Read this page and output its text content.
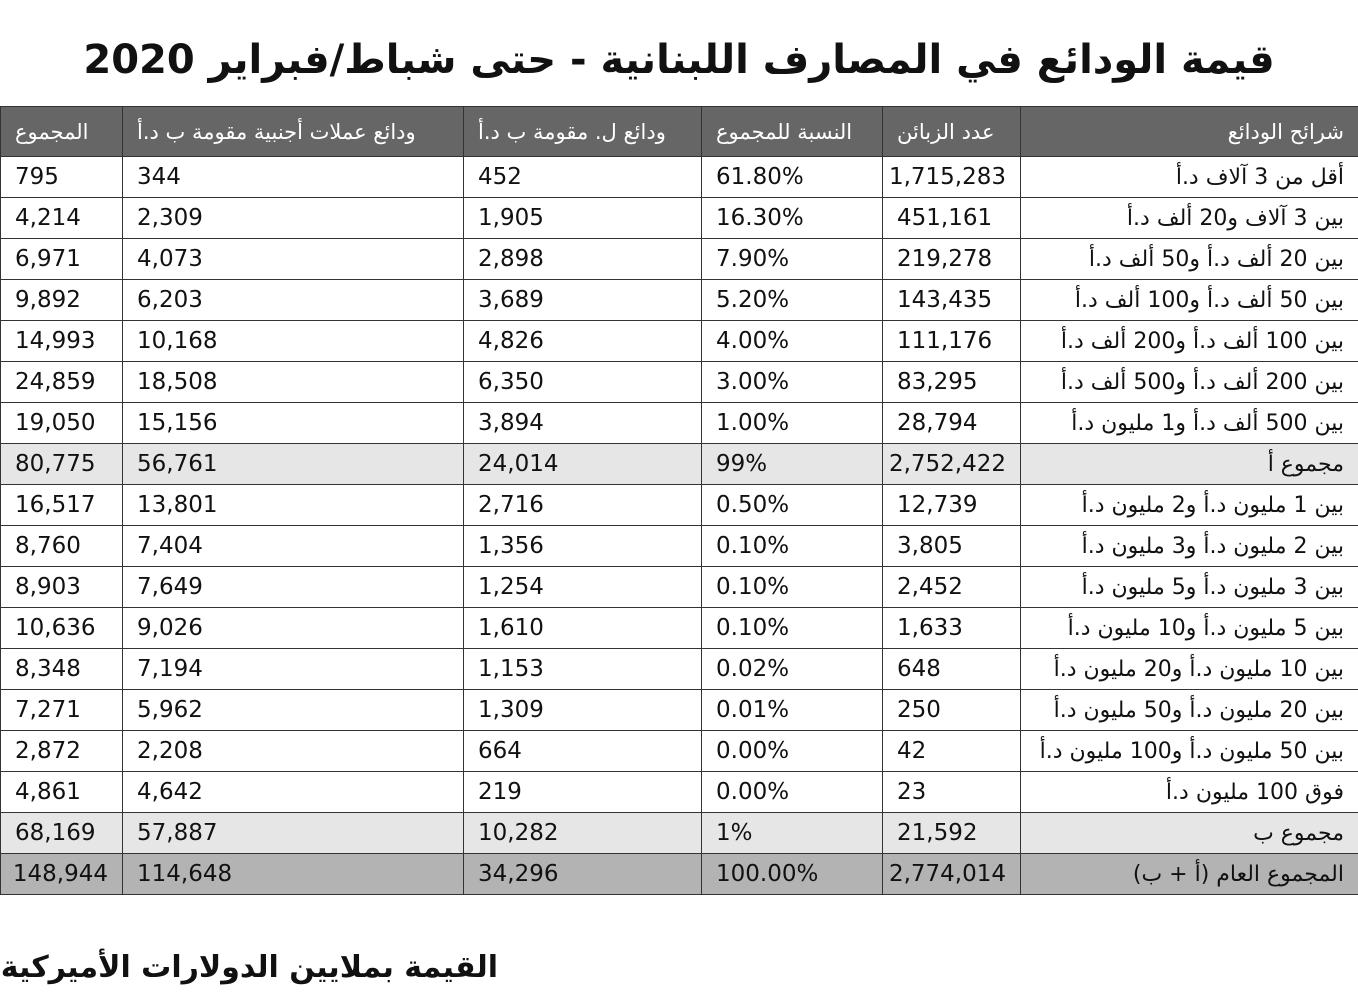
قيمة الودائع في المصارف اللبنانية - حتى شباط/فبراير 2020
شرائح الودائع	عدد الزبائن	النسبة للمجموع	ودائع ل. مقومة ب د.أ	ودائع عملات أجنبية مقومة ب د.أ	المجموع
أقل من 3 آلاف د.أ	1,715,283	61.80%	452	344	795
بين 3 آلاف و20 ألف د.أ	451,161	16.30%	1,905	2,309	4,214
بين 20 ألف د.أ و50 ألف د.أ	219,278	7.90%	2,898	4,073	6,971
بين 50 ألف د.أ و100 ألف د.أ	143,435	5.20%	3,689	6,203	9,892
بين 100 ألف د.أ و200 ألف د.أ	111,176	4.00%	4,826	10,168	14,993
بين 200 ألف د.أ و500 ألف د.أ	83,295	3.00%	6,350	18,508	24,859
بين 500 ألف د.أ و1 مليون د.أ	28,794	1.00%	3,894	15,156	19,050
مجموع أ	2,752,422	99%	24,014	56,761	80,775
بين 1 مليون د.أ و2 مليون د.أ	12,739	0.50%	2,716	13,801	16,517
بين 2 مليون د.أ و3 مليون د.أ	3,805	0.10%	1,356	7,404	8,760
بين 3 مليون د.أ و5 مليون د.أ	2,452	0.10%	1,254	7,649	8,903
بين 5 مليون د.أ و10 مليون د.أ	1,633	0.10%	1,610	9,026	10,636
بين 10 مليون د.أ و20 مليون د.أ	648	0.02%	1,153	7,194	8,348
بين 20 مليون د.أ و50 مليون د.أ	250	0.01%	1,309	5,962	7,271
بين 50 مليون د.أ و100 مليون د.أ	42	0.00%	664	2,208	2,872
فوق 100 مليون د.أ	23	0.00%	219	4,642	4,861
مجموع ب	21,592	1%	10,282	57,887	68,169
المجموع العام (أ + ب)	2,774,014	100.00%	34,296	114,648	148,944
القيمة بملايين الدولارات الأميركية
